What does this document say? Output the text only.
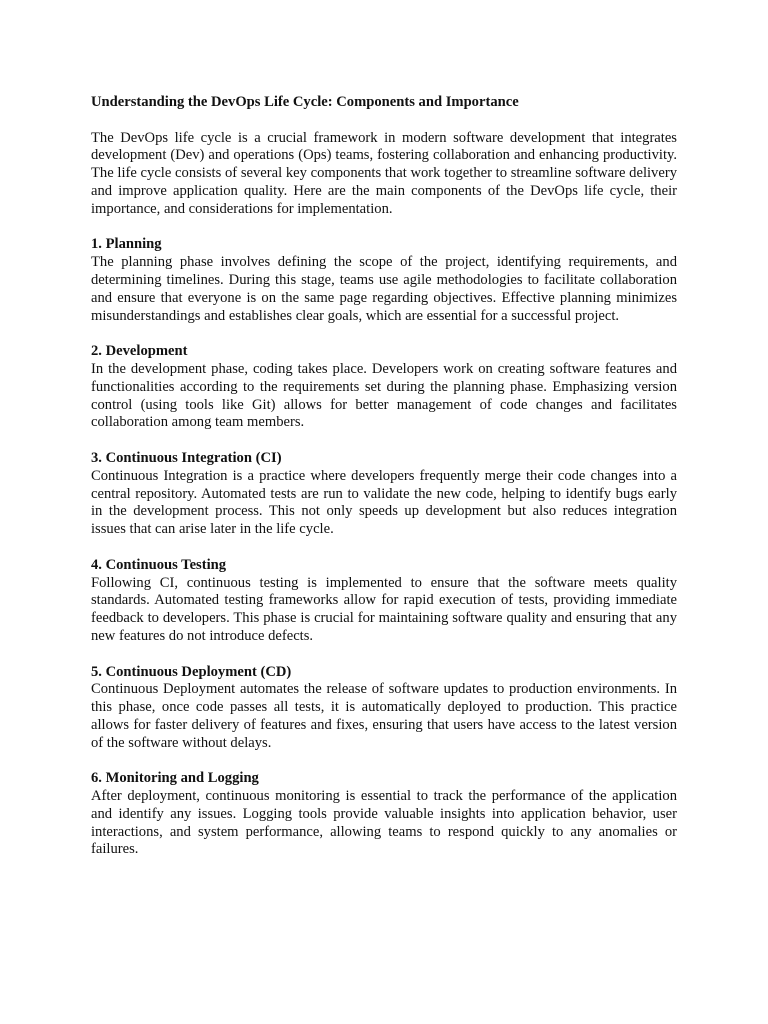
Understanding the DevOps Life Cycle: Components and Importance

The DevOps life cycle is a crucial framework in modern software development that integrates development (Dev) and operations (Ops) teams, fostering collaboration and enhancing productivity. The life cycle consists of several key components that work together to streamline software delivery and improve application quality. Here are the main components of the DevOps life cycle, their importance, and considerations for implementation.

1. Planning

The planning phase involves defining the scope of the project, identifying requirements, and determining timelines. During this stage, teams use agile methodologies to facilitate collaboration and ensure that everyone is on the same page regarding objectives. Effective planning minimizes misunderstandings and establishes clear goals, which are essential for a successful project.

2. Development

In the development phase, coding takes place. Developers work on creating software features and functionalities according to the requirements set during the planning phase. Emphasizing version control (using tools like Git) allows for better management of code changes and facilitates collaboration among team members.

3. Continuous Integration (CI)

Continuous Integration is a practice where developers frequently merge their code changes into a central repository. Automated tests are run to validate the new code, helping to identify bugs early in the development process. This not only speeds up development but also reduces integration issues that can arise later in the life cycle.

4. Continuous Testing

Following CI, continuous testing is implemented to ensure that the software meets quality standards. Automated testing frameworks allow for rapid execution of tests, providing immediate feedback to developers. This phase is crucial for maintaining software quality and ensuring that any new features do not introduce defects.

5. Continuous Deployment (CD)

Continuous Deployment automates the release of software updates to production environments. In this phase, once code passes all tests, it is automatically deployed to production. This practice allows for faster delivery of features and fixes, ensuring that users have access to the latest version of the software without delays.

6. Monitoring and Logging

After deployment, continuous monitoring is essential to track the performance of the application and identify any issues. Logging tools provide valuable insights into application behavior, user interactions, and system performance, allowing teams to respond quickly to any anomalies or failures.
